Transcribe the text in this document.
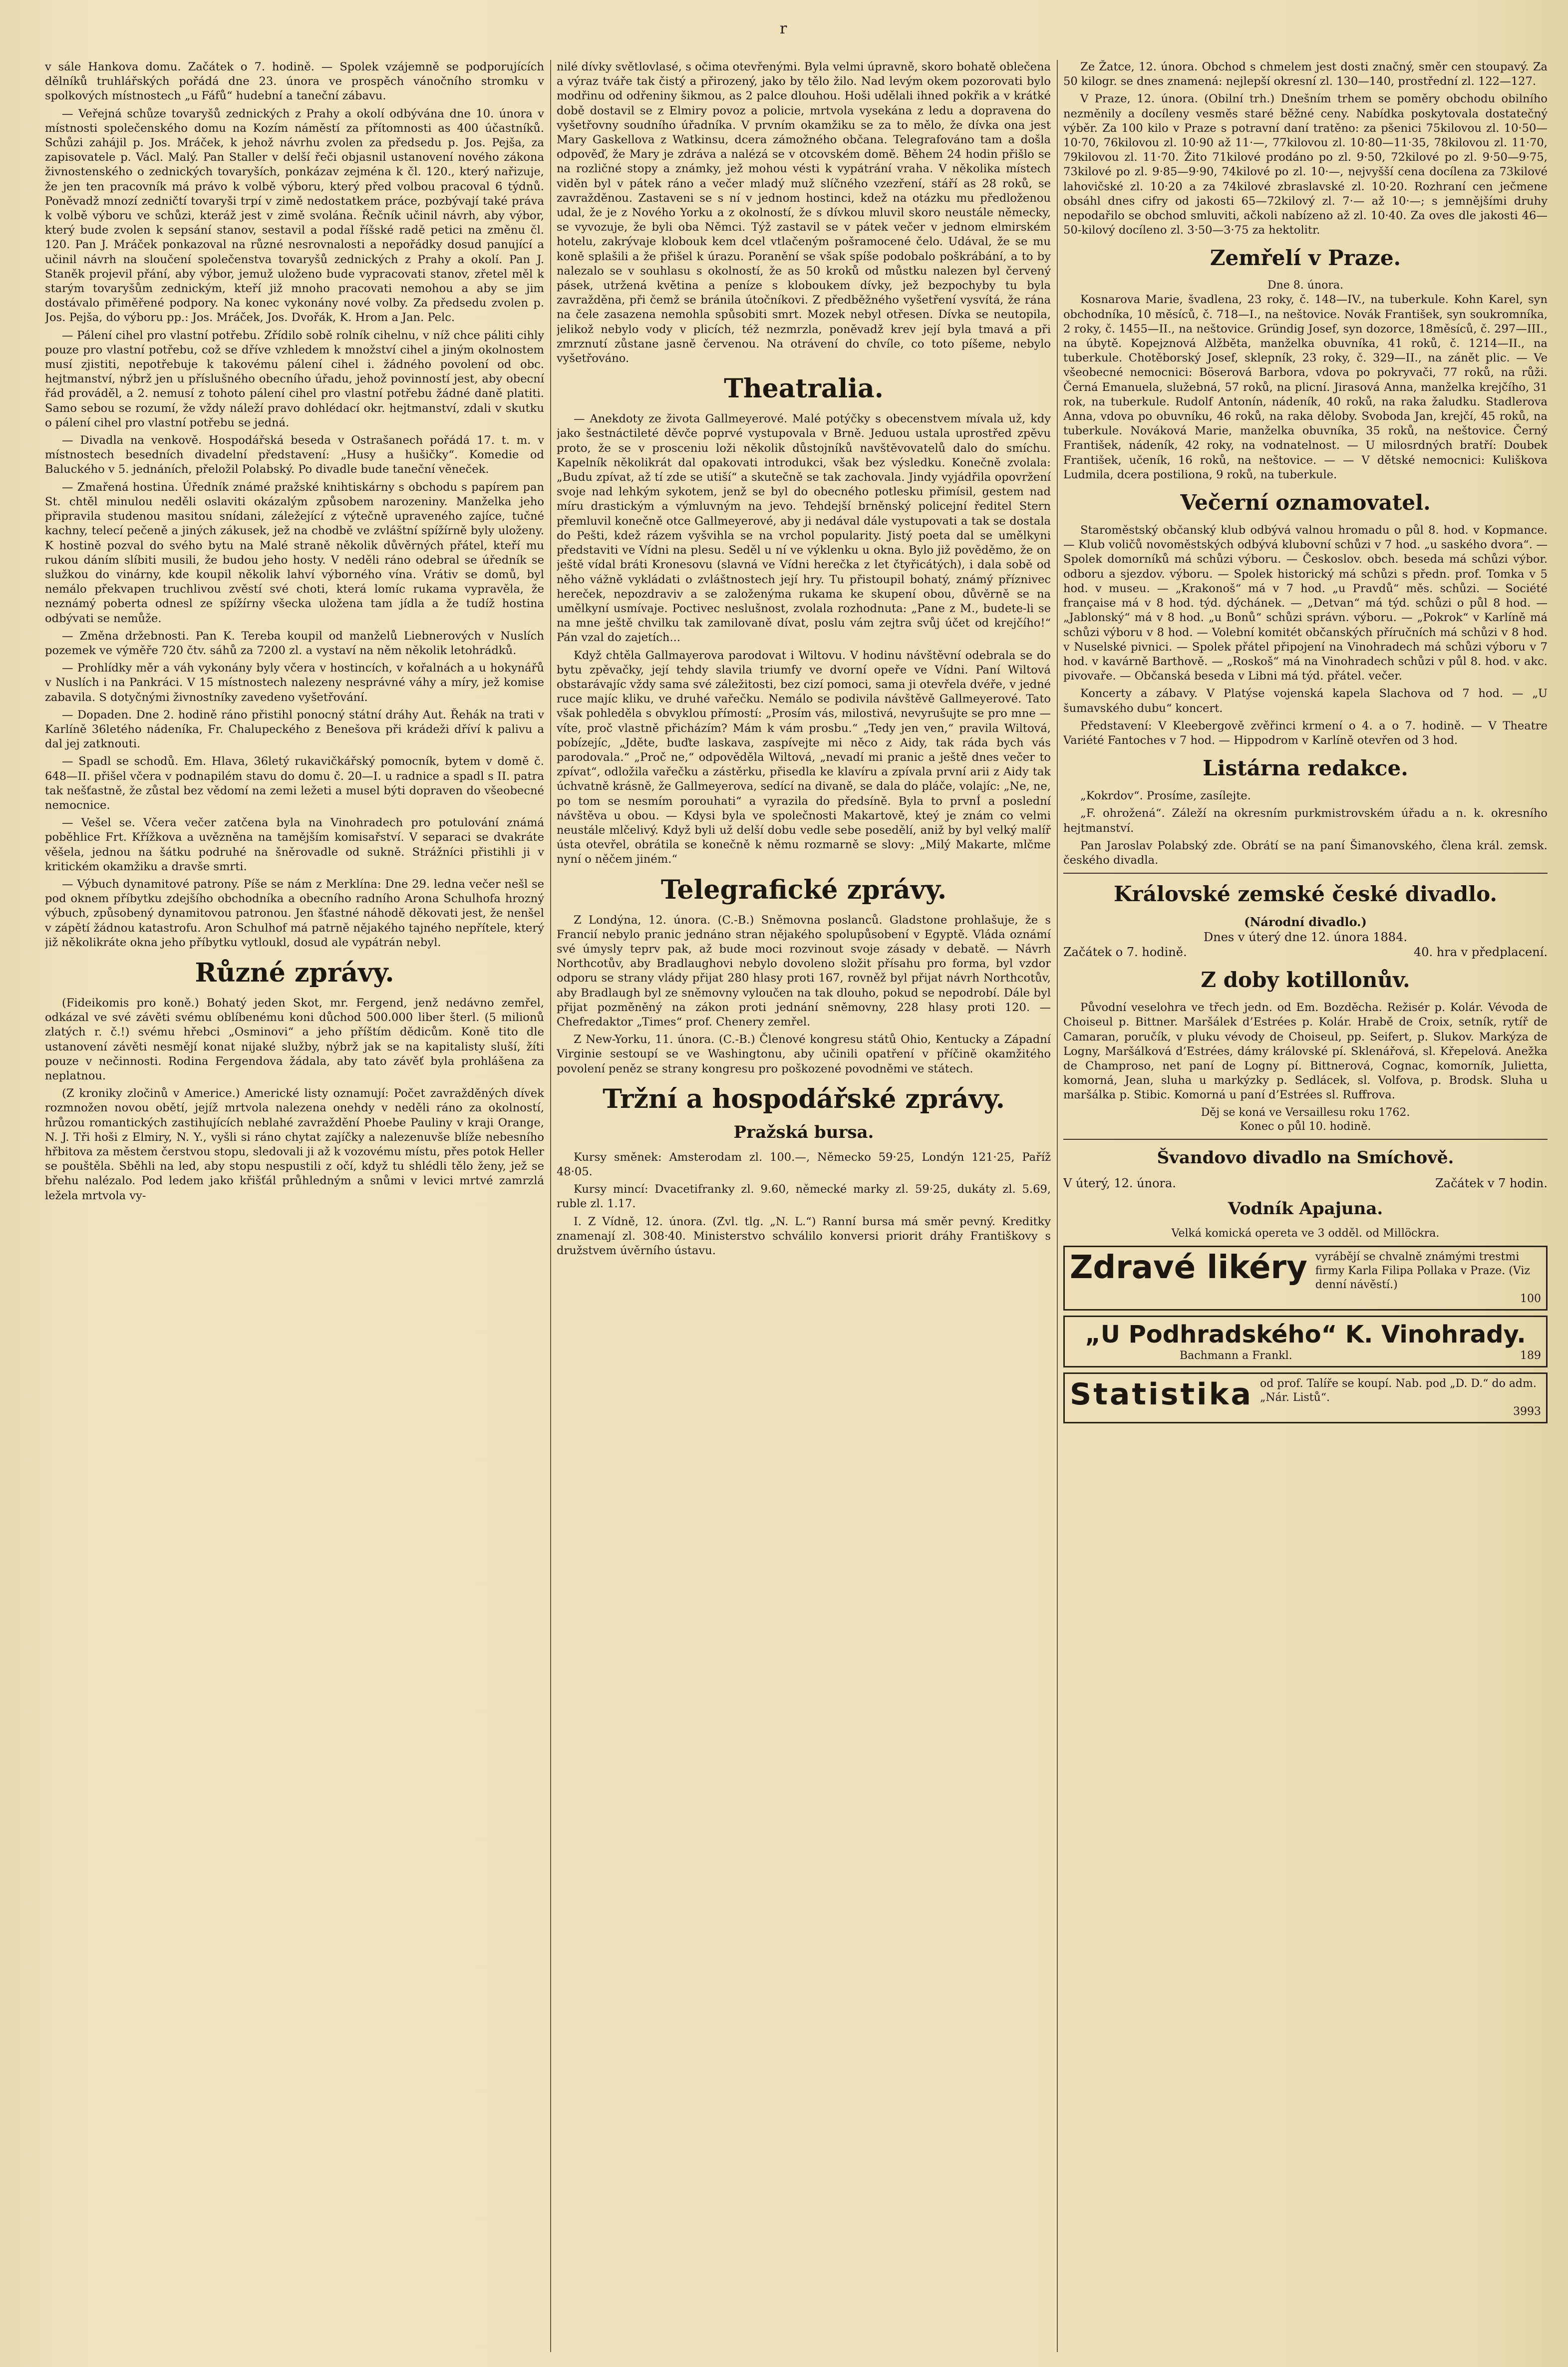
r

v sále Hankova domu. Začátek o 7. hodině. — Spolek vzájemně se podporujících dělníků truhlářských pořádá dne 23. února ve prospěch vánočního stromku v spolkových místnostech „u Fáfů“ hudební a taneční zábavu.

— Veřejná schůze tovaryšů zednických z Prahy a okolí odbývána dne 10. února v místnosti společenského domu na Kozím náměstí za přítomnosti as 400 účastníků. Schůzi zahájil p. Jos. Mráček, k jehož návrhu zvolen za předsedu p. Jos. Pejša, za zapisovatele p. Václ. Malý. Pan Staller v delší řeči objasnil ustanovení nového zákona živnostenského o zednických tovaryších, ponkázav zejména k čl. 120., který nařizuje, že jen ten pracovník má právo k volbě výboru, který před volbou pracoval 6 týdnů. Poněvadž mnozí zedničtí tovaryši trpí v zimě nedostatkem práce, pozbývají také práva k volbě výboru ve schůzi, kteráž jest v zimě svolána. Řečník učinil návrh, aby výbor, který bude zvolen k sepsání stanov, sestavil a podal říšské radě petici na změnu čl. 120. Pan J. Mráček ponkazoval na různé nesrovnalosti a nepořádky dosud panující a učinil návrh na sloučení společenstva tovaryšů zednických z Prahy a okolí. Pan J. Staněk projevil přání, aby výbor, jemuž uloženo bude vypracovati stanov, zřetel měl k starým tovaryšům zednickým, kteří již mnoho pracovati nemohou a aby se jim dostávalo přiměřené podpory. Na konec vykonány nové volby. Za předsedu zvolen p. Jos. Pejša, do výboru pp.: Jos. Mráček, Jos. Dvořák, K. Hrom a Jan. Pelc.

— Pálení cihel pro vlastní potřebu. Zřídilo sobě rolník cihelnu, v níž chce páliti cihly pouze pro vlastní potřebu, což se dříve vzhledem k množství cihel a jiným okolnostem musí zjistiti, nepotřebuje k takovému pálení cihel i. žádného povolení od obc. hejtmanství, nýbrž jen u příslušného obecního úřadu, jehož povinností jest, aby obecní řád prováděl, a 2. nemusí z tohoto pálení cihel pro vlastní potřebu žádné daně platiti. Samo sebou se rozumí, že vždy náleží pravo dohlédací okr. hejtmanství, zdali v skutku o pálení cihel pro vlastní potřebu se jedná.

— Divadla na venkově. Hospodářská beseda v Ostrašanech pořádá 17. t. m. v místnostech besedních divadelní představení: „Husy a hušičky“. Komedie od Baluckého v 5. jednáních, přeložil Polabský. Po divadle bude taneční věneček.

— Zmařená hostina. Úředník známé pražské knihtiskárny s obchodu s papírem pan St. chtěl minulou neděli oslaviti okázalým způsobem narozeniny. Manželka jeho připravila studenou masitou snídani, záležející z výtečně upraveného zajíce, tučné kachny, telecí pečeně a jiných zákusek, jež na chodbě ve zvláštní spížírně byly uloženy. K hostině pozval do svého bytu na Malé straně několik důvěrných přátel, kteří mu rukou dáním slíbiti musili, že budou jeho hosty. V neděli ráno odebral se úředník se služkou do vinárny, kde koupil několik lahví výborného vína. Vrátiv se domů, byl nemálo překvapen truchlivou zvěstí své choti, která lomíc rukama vypravěla, že neznámý pobertа odnesl ze spížírny všecka uložena tam jídla a že tudíž hostina odbývati se nemůže.

— Změna držebnosti. Pan K. Tereba koupil od manželů Liebnerových v Nuslích pozemek ve výměře 720 čtv. sáhů za 7200 zl. a vystaví na něm několik letohrádků.

— Prohlídky měr a váh vykonány byly včera v hostincích, v kořalnách a u hokynářů v Nuslích i na Pankráci. V 15 místnostech nalezeny nesprávné váhy a míry, jež komise zabavila. S dotyčnými živnostníky zavedeno vyšetřování.

— Dopaden. Dne 2. hodině ráno přistihl ponocný státní dráhy Aut. Řehák na trati v Karlíně 36letého nádeníka, Fr. Chalupeckého z Benešova při krádeži dříví k palivu a dal jej zatknouti.

— Spadl se schodů. Em. Hlava, 36letý rukavičkářský pomocník, bytem v domě č. 648—II. přišel včera v podnapilém stavu do domu č. 20—I. u radnice a spadl s II. patra tak nešťastně, že zůstal bez vědomí na zemi ležeti a musel býti dopraven do všeobecné nemocnice.

— Vešel se. Včera večer zatčena byla na Vinohradech pro potulování známá poběhlice Frt. Křížkova a uvězněna na tamějším komisařství. V separaci se dvakráte věšela, jednou na šátku podruhé na šněrovadle od sukně. Strážníci přistihli ji v kritickém okamžiku a dravše smrti.

— Výbuch dynamitové patrony. Píše se nám z Merklína: Dne 29. ledna večer nešl se pod oknem příbytku zdejšího obchodníka a obecního radního Arona Schulhofa hrozný výbuch, způsobený dynamitovou patronou. Jen šťastné náhodě děkovati jest, že nenšel v zápětí žádnou katastrofu. Aron Schulhof má patrně nějakého tajného nepřítele, který již několikráte okna jeho příbytku vytloukl, dosud ale vypátrán nebyl.

Různé zprávy.

(Fideikomis pro koně.) Bohatý jeden Skot, mr. Fergend, jenž nedávno zemřel, odkázal ve své závěti svému oblíbenému koni důchod 500.000 liber šterl. (5 milionů zlatých r. č.!) svému hřebci „Osminovi“ a jeho příštím dědicům. Koně tito dle ustanovení závěti nesmějí konat nijaké služby, nýbrž jak se na kapitalisty sluší, žíti pouze v nečinnosti. Rodina Fergendova žádala, aby tato závěť byla prohlášena za neplatnou.

(Z kroniky zločinů v Americe.) Americké listy oznamují: Počet zavražděných dívek rozmnožen novou obětí, jejíž mrtvola nalezena onehdy v neděli ráno za okolností, hrůzou romantických zastihujících neblahé zavraždění Phoebe Pauliny v kraji Orange, N. J. Tři hoši z Elmiry, N. Y., vyšli si ráno chytat zajíčky a nalezenuvše blíže nebesního hřbitova za městem čerstvou stopu, sledovali ji až k vozovému místu, přes potok Heller se pouštěla. Sběhli na led, aby stopu nespustili z očí, když tu shlédli tělo ženy, jež se břehu nalézalo. Pod ledem jako křišťál průhledným a snůmi v levici mrtvé zamrzlá ležela mrtvola vy-

nilé dívky světlovlasé, s očima otevřenými. Byla velmi úpravně, skoro bohatě oblečena a výraz tváře tak čistý a přirozený, jako by tělo žilo. Nad levým okem pozorovati bylo modřinu od odřeniny šikmou, as 2 palce dlouhou. Hoši udělali ihned pokřik a v krátké době dostavil se z Elmiry povoz a policie, mrtvola vysekána z ledu a dopravena do vyšetřovny soudního úřadníka. V prvním okamžiku se za to mělo, že dívka ona jest Mary Gaskellova z Watkinsu, dcera zámožného občana. Telegrafováno tam a došla odpověď, že Mary je zdráva a nalézá se v otcovském domě. Během 24 hodin přišlo se na rozličné stopy a známky, jež mohou vésti k vypátrání vraha. V několika místech viděn byl v pátek ráno a večer mladý muž slíčného vzezření, stáří as 28 roků, se zavražděnou. Zastaveni se s ní v jednom hostinci, kdež na otázku mu předloženou udal, že je z Nového Yorku a z okolností, že s dívkou mluvil skoro neustále německy, se vyvozuje, že byli oba Němci. Týž zastavil se v pátek večer v jednom elmirském hotelu, zakrývaje klobouk kem dcel vtlačeným pošramocené čelo. Udával, že se mu koně splašili a že přišel k úrazu. Poranění se však spíše podobalo poškrábání, a to by nalezalo se v souhlasu s okolností, že as 50 kroků od můstku nalezen byl červený pásek, utržená květina a peníze s kloboukem dívky, jež bezpochyby tu byla zavražděna, při čemž se bránila útočníkovi. Z předběžného vyšetření vysvítá, že rána na čele zasazena nemohla spůsobiti smrt. Mozek nebyl otřesen. Dívka se neutopila, jelikož nebylo vody v plicích, též nezmrzla, poněvadž krev její byla tmavá a při zmrznutí zůstane jasně červenou. Na otrávení do chvíle, co toto píšeme, nebylo vyšetřováno.

Theatralia.

— Anekdoty ze života Gallmeyerové. Malé potýčky s obecenstvem mívala už, kdy jako šestnáctileté děvče poprvé vystupovala v Brně. Jeduou ustala uprostřed zpěvu proto, že se v prosceniu loži několik důstojníků navštěvovatelů dalo do smíchu. Kapelník několikrát dal opakovati introdukci, však bez výsledku. Konečně zvolala: „Budu zpívat, až tí zde se utiší“ a skutečně se tak zachovala. Jindy vyjádřila opovržení svoje nad lehkým sykotem, jenž se byl do obecného potlesku přimísil, gestem nad míru drastickým a výmluvným na jevo. Tehdejší brněnský policejní ředitel Stern přemluvil konečně otce Gallmeyerové, aby ji nedával dále vystupovati a tak se dostala do Pešti, kdež rázem vyšvihla se na vrchol popularity. Jistý poeta dal se umělkyni představiti ve Vídni na plesu. Seděl u ní ve výklenku u okna. Bylo již pověděmo, že on ještě vídal bráti Kronesovu (slavná ve Vídni herečka z let čtyřicátých), i dala sobě od něho vážně vykládati o zvláštnostech její hry. Tu přistoupil bohatý, známý příznivec hereček, nepozdraviv a se založenýma rukama ke skupení obou, důvěrně se na umělkyní usmívaje. Poctivec neslušnost, zvolala rozhodnuta: „Pane z M., budete-li se na mne ještě chvilku tak zamilovaně dívat, poslu vám zejtra svůj účet od krejčího!“ Pán vzal do zajetích...

Když chtěla Gallmayerova parodovat i Wiltovu. V hodinu návštěvní odebrala se do bytu zpěvačky, její tehdy slavila triumfy ve dvorní opeře ve Vídni. Paní Wiltová obstarávajíc vždy sama své záležitosti, bez cizí pomoci, sama ji otevřela dvéře, v jedné ruce majíc kliku, ve druhé vařečku. Nemálo se podivila návštěvě Gallmeyerové. Tato však pohleděla s obvyklou přímostí: „Prosím vás, milostivá, nevyrušujte se pro mne — víte, proč vlastně přicházím? Mám k vám prosbu.“ „Tedy jen ven,“ pravila Wiltová, pobízejíc, „Jděte, buďte laskava, zaspívejte mi něco z Aidy, tak ráda bych vás parodovala.“ „Proč ne,“ odpověděla Wiltová, „nevadí mi pranic a ještě dnes večer to zpívat“, odložila vařečku a zástěrku, přisedla ke klavíru a zpívala první arii z Aidy tak úchvatně krásně, že Gallmeyerova, sedící na divaně, se dala do pláče, volajíc: „Ne, ne, po tom se nesmím porouhati“ a vyrazila do předsíně. Byla to prvnÍ a poslední návštěva u obou. — Kdysi byla ve společnosti Makartově, kteý je znám co velmi neustále mlčelivý. Když byli už delší dobu vedle sebe posedělí, aniž by byl velký malíř ústa otevřel, obrátila se konečně k němu rozmarně se slovy: „Milý Makarte, mlčme nyní o něčem jiném.“

Telegrafické zprávy.

Z Londýna, 12. února. (C.-B.) Sněmovna poslanců. Gladstone prohlašuje, že s Francií nebylo pranic jednáno stran nějakého spolupůsobení v Egyptě. Vláda oznámí své úmysly teprv pak, až bude moci rozvinout svoje zásady v debatě. — Návrh Northcotův, aby Bradlaughovi nebylo dovoleno složit přísahu pro forma, byl vzdor odporu se strany vlády přijat 280 hlasy proti 167, rovněž byl přijat návrh Northcotův, aby Bradlaugh byl ze sněmovny vyloučen na tak dlouho, pokud se nepodrobí. Dále byl přijat pozměněný na zákon proti jednání sněmovny, 228 hlasy proti 120. — Chefredaktor „Times“ prof. Chenery zemřel.

Z New-Yorku, 11. února. (C.-B.) Členové kongresu států Ohio, Kentucky a Západní Virginie sestoupí se ve Washingtonu, aby učinili opatření v příčině okamžitého povolení peněz se strany kongresu pro poškozené povodněmi ve státech.

Tržní a hospodářské zprávy.
Pražská bursa.

Kursy směnek: Amsterodam zl. 100.—, Německo 59·25, Londýn 121·25, Paříž 48·05.

Kursy mincí: Dvacetifranky zl. 9.60, německé marky zl. 59·25, dukáty zl. 5.69, ruble zl. 1.17.

I. Z Vídně, 12. února. (Zvl. tlg. „N. L.“) Ranní bursa má směr pevný. Kreditky znamenají zl. 308·40. Ministerstvo schválilo konversi priorit dráhy Františkovy s družstvem úvěrního ústavu.

Ze Žatce, 12. února. Obchod s chmelem jest dosti značný, směr cen stoupavý. Za 50 kilogr. se dnes znamená: nejlepší okresní zl. 130—140, prostřední zl. 122—127.

V Praze, 12. února. (Obilní trh.) Dnešním trhem se poměry obchodu obilního nezměnily a docíleny vesměs staré běžné ceny. Nabídka poskytovala dostatečný výběr. Za 100 kilo v Praze s potravní daní tratěno: za pšenici 75kilovou zl. 10·50—10·70, 76kilovou zl. 10·90 až 11·—, 77kilovou zl. 10·80—11·35, 78kilovou zl. 11·70, 79kilovou zl. 11·70. Žito 71kilové prodáno po zl. 9·50, 72kilové po zl. 9·50—9·75, 73kilové po zl. 9·85—9·90, 74kilové po zl. 10·—, nejvyšší cena docílena za 73kilové lahovičské zl. 10·20 a za 74kilové zbraslavské zl. 10·20. Rozhraní cen ječmene obsáhl dnes cifry od jakosti 65—72kilový zl. 7·— až 10·—; s jemnějšími druhy nepodařilo se obchod smluviti, ačkoli nabízeno až zl. 10·40. Za oves dle jakosti 46—50-kilový docíleno zl. 3·50—3·75 za hektolitr.

Zemřelí v Praze.
Dne 8. února.

Kosnarova Marie, švadlena, 23 roky, č. 148—IV., na tuberkule. Kohn Karel, syn obchodníka, 10 měsíců, č. 718—I., na neštovice. Novák František, syn soukromníka, 2 roky, č. 1455—II., na neštovice. Gründig Josef, syn dozorce, 18měsíců, č. 297—III., na úbytě. Kopejznová Alžběta, manželka obuvníka, 41 roků, č. 1214—II., na tuberkule. Chotěborský Josef, sklepník, 23 roky, č. 329—II., na zánět plic. — Ve všeobecné nemocnici: Böserová Barbora, vdova po pokryvači, 77 roků, na růži. Černá Emanuela, služebná, 57 roků, na plicní. Jirasová Anna, manželka krejčího, 31 rok, na tuberkule. Rudolf Antonín, nádeník, 40 roků, na raka žaludku. Stadlerova Anna, vdova po obuvníku, 46 roků, na raka děloby. Svoboda Jan, krejčí, 45 roků, na tuberkule. Nováková Marie, manželka obuvníka, 35 roků, na neštovice. Černý František, nádeník, 42 roky, na vodnatelnost. — U milosrdných bratří: Doubek František, učeník, 16 roků, na neštovice. — — V dětské nemocnici: Kuliškova Ludmila, dcera postiliona, 9 roků, na tuberkule.

Večerní oznamovatel.

Staroměstský občanský klub odbývá valnou hromadu o půl 8. hod. v Kopmance. — Klub voličů novoměstských odbývá klubovní schůzi v 7 hod. „u saského dvora“. — Spolek domorníků má schůzi výboru. — Českoslov. obch. beseda má schůzi výbor. odboru a sjezdov. výboru. — Spolek historický má schůzi s předn. prof. Tomka v 5 hod. v museu. — „Krakonoš“ má v 7 hod. „u Pravdů“ měs. schůzi. — Société française má v 8 hod. týd. dýchánek. — „Detvan“ má týd. schůzi o půl 8 hod. — „Jablonský“ má v 8 hod. „u Bonů“ schůzi správn. výboru. — „Pokrok“ v Karlíně má schůzi výboru v 8 hod. — Volební komitét občanských příručních má schůzi v 8 hod. v Nuselské pivnici. — Spolek přátel připojení na Vinohradech má schůzi výboru v 7 hod. v kavárně Barthově. — „Roskoš“ má na Vinohradech schůzi v půl 8. hod. v akc. pivovaře. — Občanská beseda v Libni má týd. přátel. večer.

Koncerty a zábavy. V Platýse vojenská kapela Slachova od 7 hod. — „U šumavského dubu“ koncert.

Představení: V Kleebergově zvěřinci krmení o 4. a o 7. hodině. — V Theatre Variété Fantoches v 7 hod. — Hippodrom v Karlíně otevřen od 3 hod.

Listárna redakce.

„Kokrdov“. Prosíme, zasílejte.

„F. ohrožená“. Záleží na okresním purkmistrovském úřadu a n. k. okresního hejtmanství.

Pan Jaroslav Polabský zde. Obrátí se na paní Šimanovského, člena král. zemsk. českého divadla.

Královské zemské české divadlo.
(Národní divadlo.)
Dnes v úterý dne 12. února 1884.
Začátek o 7. hodině.	40. hra v předplacení.
Z doby kotillonův.

Původní veselohra ve třech jedn. od Em. Bozděcha. Režisér p. Kolár. Vévoda de Choiseul p. Bittner. Maršálek d’Estrées p. Kolár. Hrabě de Croix, setník, rytíř de Camaran, poručík, v pluku vévody de Choiseul, pp. Seifert, p. Slukov. Markýza de Logny, Maršálková d’Estrées, dámy královské pí. Sklenářová, sl. Křepelová. Anežka de Champroso, net paní de Logny pí. Bittnerová, Cognac, komorník, Julietta, komorná, Jean, sluha u markýzky p. Sedlácek, sl. Volfova, p. Brodsk. Sluha u maršálka p. Stibic. Komorná u paní d’Estrées sl. Ruffrova.

Děj se koná ve Versaillesu roku 1762.
Konec o půl 10. hodině.
Švandovo divadlo na Smíchově.
V úterý, 12. února.	Začátek v 7 hodin.
Vodník Apajuna.
Velká komická opereta ve 3 odděl. od Millöckra.
Zdravé likéry vyrábějí se chvalně známými trestmi firmy Karla Filipa Pollaka v Praze. (Viz denní návěstí.)
100
„U Podhradského“ K. Vinohrady.
Bachmann a Frankl.	189
Statistika od prof. Talíře se koupí. Nab. pod „D. D.“ do adm. „Nár. Listů“.
3993
